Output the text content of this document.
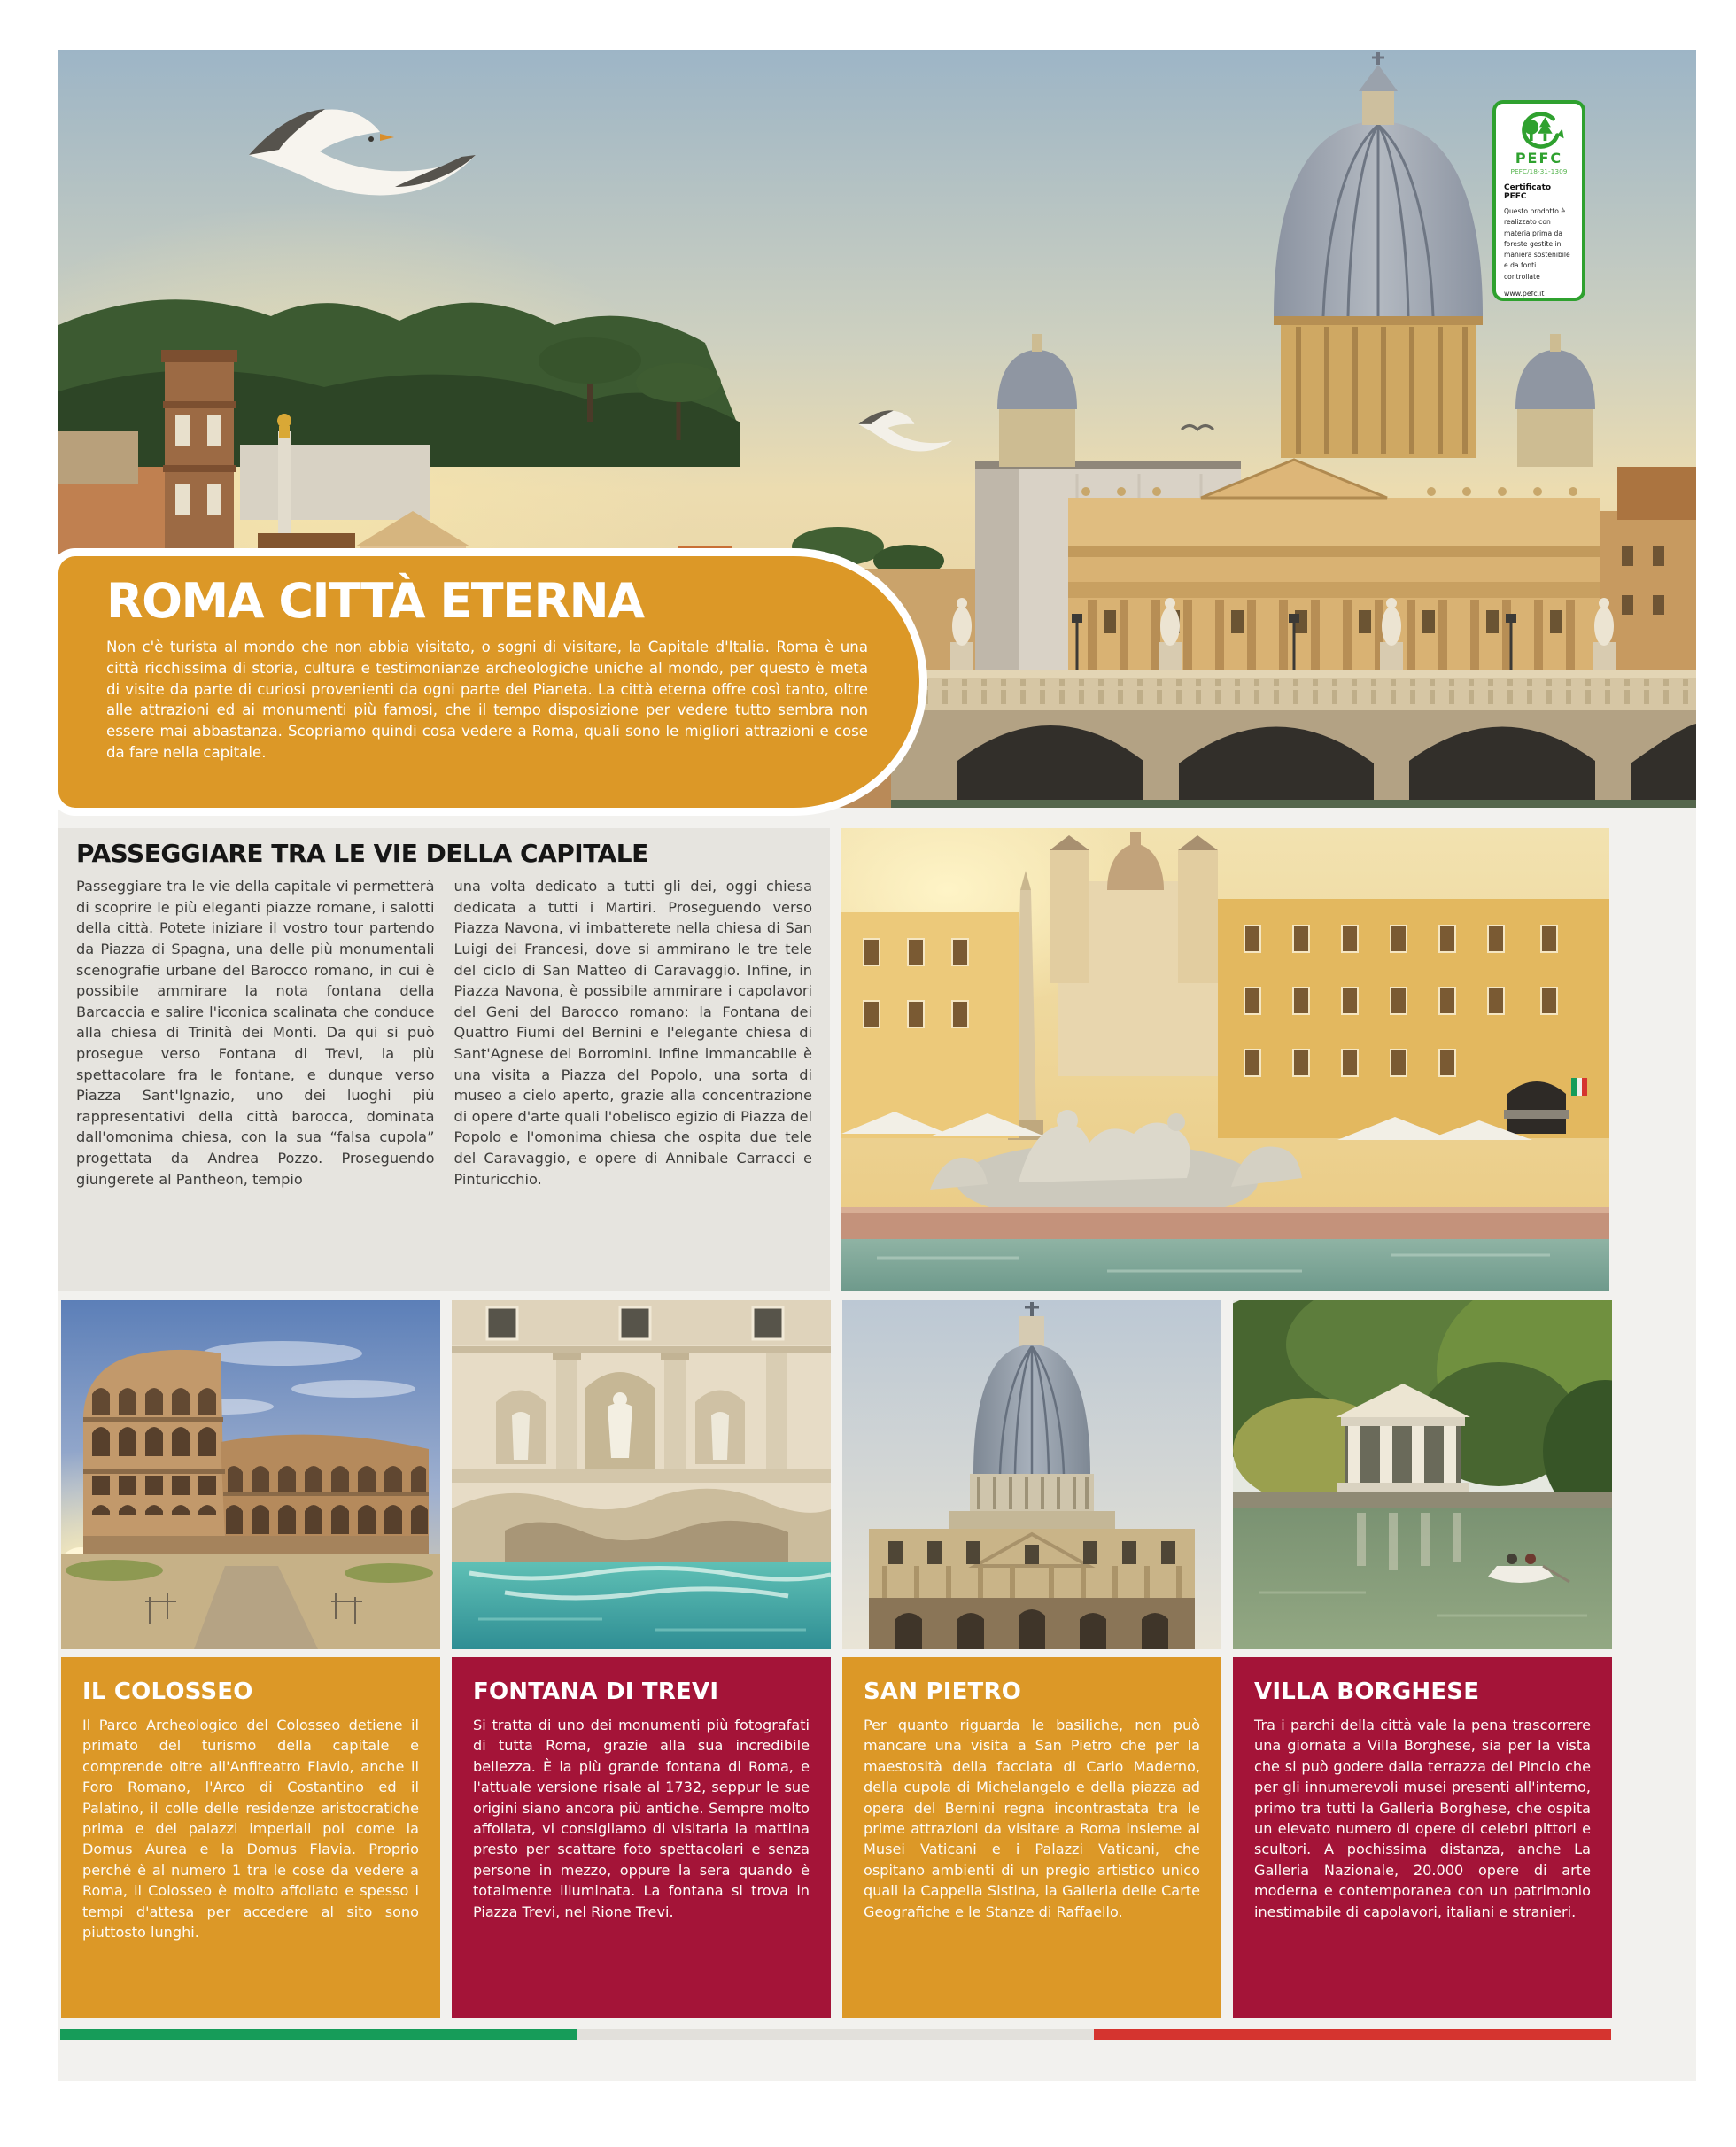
PEFC
PEFC/18-31-1309
Certificato PEFC
Questo prodotto è realizzato con materia prima da foreste gestite in maniera sostenibile e da fonti controllate
www.pefc.it
ROMA CITTÀ ETERNA

Non c'è turista al mondo che non abbia visitato, o sogni di visitare, la Capitale d'Italia. Roma è una città ricchissima di storia, cultura e testimonianze archeologiche uniche al mondo, per questo è meta di visite da parte di curiosi provenienti da ogni parte del Pianeta. La città eterna offre così tanto, oltre alle attrazioni ed ai monumenti più famosi, che il tempo disposizione per vedere tutto sembra non essere mai abbastanza. Scopriamo quindi cosa vedere a Roma, quali sono le migliori attrazioni e cose da fare nella capitale.

PASSEGGIARE TRA LE VIE DELLA CAPITALE

Passeggiare tra le vie della capitale vi permetterà di scoprire le più eleganti piazze romane, i salotti della città. Potete iniziare il vostro tour partendo da Piazza di Spagna, una delle più monumentali scenografie urbane del Barocco romano, in cui è possibile ammirare la nota fontana della Barcaccia e salire l'iconica scalinata che conduce alla chiesa di Trinità dei Monti. Da qui si può prosegue verso Fontana di Trevi, la più spettacolare fra le fontane, e dunque verso Piazza Sant'Ignazio, uno dei luoghi più rappresentativi della città barocca, dominata dall'omonima chiesa, con la sua “falsa cupola” progettata da Andrea Pozzo. Proseguendo giungerete al Pantheon, tempio

una volta dedicato a tutti gli dei, oggi chiesa dedicata a tutti i Martiri. Proseguendo verso Piazza Navona, vi imbatterete nella chiesa di San Luigi dei Francesi, dove si ammirano le tre tele del ciclo di San Matteo di Caravaggio. Infine, in Piazza Navona, è possibile ammirare i capolavori del Geni del Barocco romano: la Fontana dei Quattro Fiumi del Bernini e l'elegante chiesa di Sant'Agnese del Borromini. Infine immancabile è una visita a Piazza del Popolo, una sorta di museo a cielo aperto, grazie alla concentrazione di opere d'arte quali l'obelisco egizio di Piazza del Popolo e l'omonima chiesa che ospita due tele del Caravaggio, e opere di Annibale Carracci e Pinturicchio.

IL COLOSSEO

Il Parco Archeologico del Colosseo detiene il primato del turismo della capitale e comprende oltre all'Anfiteatro Flavio, anche il Foro Romano, l'Arco di Costantino ed il Palatino, il colle delle residenze aristocratiche prima e dei palazzi imperiali poi come la Domus Aurea e la Domus Flavia. Proprio perché è al numero 1 tra le cose da vedere a Roma, il Colosseo è molto affollato e spesso i tempi d'attesa per accedere al sito sono piuttosto lunghi.

FONTANA DI TREVI

Si tratta di uno dei monumenti più fotografati di tutta Roma, grazie alla sua incredibile bellezza. È la più grande fontana di Roma, e l'attuale versione risale al 1732, seppur le sue origini siano ancora più antiche. Sempre molto affollata, vi consigliamo di visitarla la mattina presto per scattare foto spettacolari e senza persone in mezzo, oppure la sera quando è totalmente illuminata. La fontana si trova in Piazza Trevi, nel Rione Trevi.

SAN PIETRO

Per quanto riguarda le basiliche, non può mancare una visita a San Pietro che per la maestosità della facciata di Carlo Maderno, della cupola di Michelangelo e della piazza ad opera del Bernini regna incontrastata tra le prime attrazioni da visitare a Roma insieme ai Musei Vaticani e i Palazzi Vaticani, che ospitano ambienti di un pregio artistico unico quali la Cappella Sistina, la Galleria delle Carte Geografiche e le Stanze di Raffaello.

VILLA BORGHESE

Tra i parchi della città vale la pena trascorrere una giornata a Villa Borghese, sia per la vista che si può godere dalla terrazza del Pincio che per gli innumerevoli musei presenti all'interno, primo tra tutti la Galleria Borghese, che ospita un elevato numero di opere di celebri pittori e scultori. A pochissima distanza, anche La Galleria Nazionale, 20.000 opere di arte moderna e contemporanea con un patrimonio inestimabile di capolavori, italiani e stranieri.
